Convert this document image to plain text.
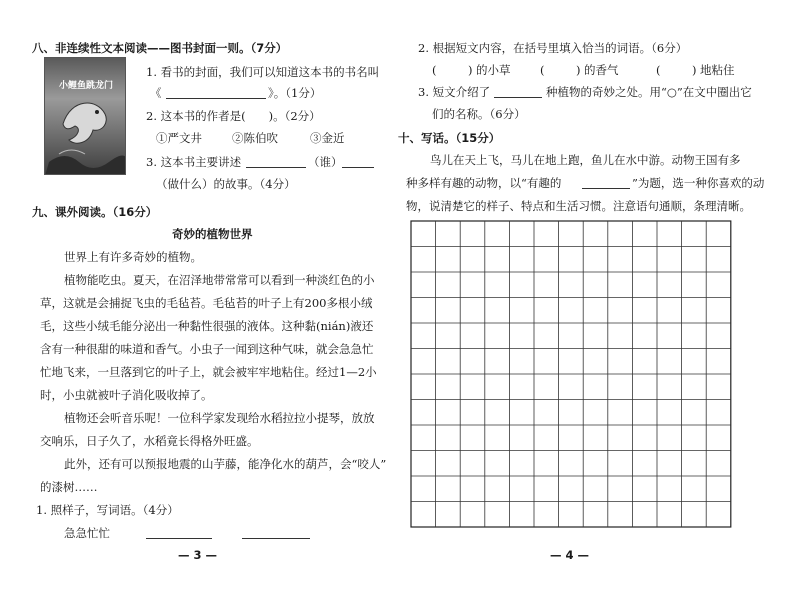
八、非连续性文本阅读——图书封面一则。（7分）
小鲤鱼跳龙门
1. 看书的封面，我们可以知道这本书的书名叫
《	》。（1分）
2. 这本书的作者是(　　)。（2分）
①严文井	②陈伯吹	③金近
3. 这本书主要讲述	（谁）
（做什么）的故事。（4分）
九、课外阅读。（16分）
奇妙的植物世界
世界上有许多奇妙的植物。
植物能吃虫。夏天，在沼泽地带常常可以看到一种淡红色的小
草，这就是会捕捉飞虫的毛毡苔。毛毡苔的叶子上有200多根小绒
毛，这些小绒毛能分泌出一种黏性很强的液体。这种黏(nián)液还
含有一种很甜的味道和香气。小虫子一闻到这种气味，就会急急忙
忙地飞来，一旦落到它的叶子上，就会被牢牢地粘住。经过1—2小
时，小虫就被叶子消化吸收掉了。
植物还会听音乐呢！一位科学家发现给水稻拉拉小提琴，放放
交响乐，日子久了，水稻竟长得格外旺盛。
此外，还有可以预报地震的山芋藤，能净化水的葫芦，会“咬人”
的漆树……
1. 照样子，写词语。（4分）
急急忙忙
— 3 —
2. 根据短文内容，在括号里填入恰当的词语。（6分）
(	) 的小草	(	) 的香气	(	) 地粘住
3. 短文介绍了	种植物的奇妙之处。用“○”在文中圈出它
们的名称。（6分）
十、写话。（15分）
鸟儿在天上飞，马儿在地上跑，鱼儿在水中游。动物王国有多
种多样有趣的动物，以“有趣的	”为题，选一种你喜欢的动
物，说清楚它的样子、特点和生活习惯。注意语句通顺，条理清晰。
— 4 —
